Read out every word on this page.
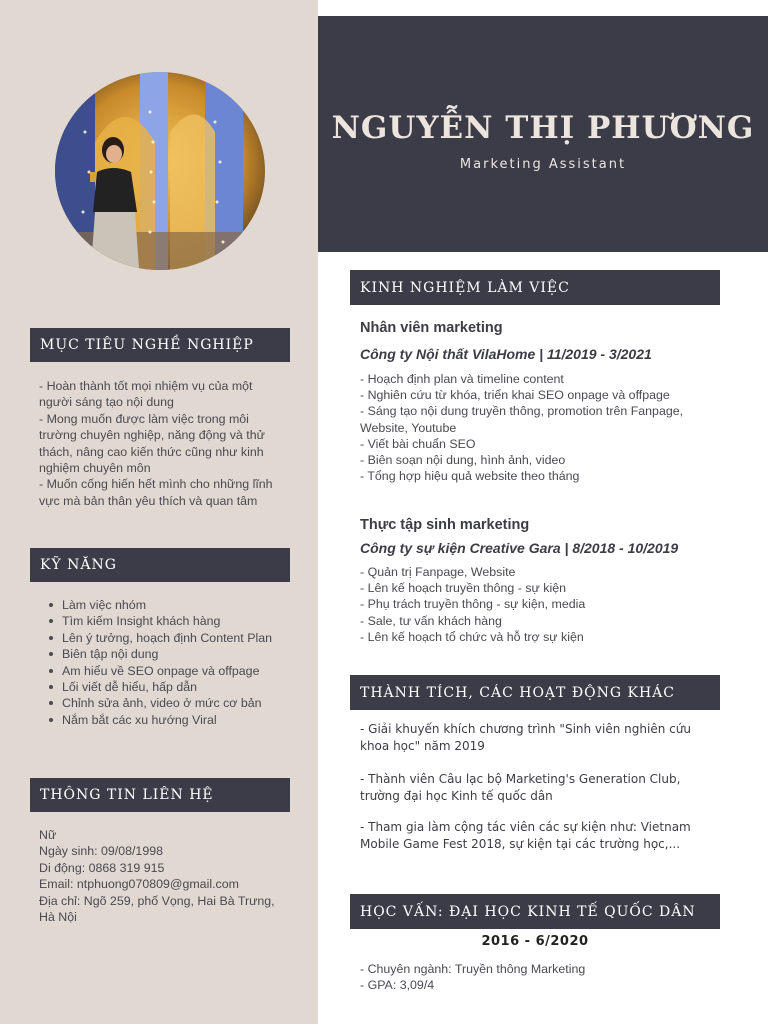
MỤC TIÊU NGHỀ NGHIỆP
- Hoàn thành tốt mọi nhiệm vụ của một người sáng tạo nội dung
- Mong muốn được làm việc trong môi trường chuyên nghiệp, năng động và thử thách, nâng cao kiến thức cũng như kinh nghiệm chuyên môn
- Muốn cống hiến hết mình cho những lĩnh vực mà bản thân yêu thích và quan tâm
KỸ NĂNG
Làm việc nhóm
Tìm kiếm Insight khách hàng
Lên ý tưởng, hoạch định Content Plan
Biên tập nội dung
Am hiểu về SEO onpage và offpage
Lối viết dễ hiểu, hấp dẫn
Chỉnh sửa ảnh, video ở mức cơ bản
Nắm bắt các xu hướng Viral
THÔNG TIN LIÊN HỆ
Nữ
Ngày sinh: 09/08/1998
Di động: 0868 319 915
Email: ntphuong070809@gmail.com
Địa chỉ: Ngõ 259, phố Vọng, Hai Bà Trưng, Hà Nội
NGUYỄN THỊ PHƯƠNG
Marketing Assistant
KINH NGHIỆM LÀM VIỆC
Nhân viên marketing
Công ty Nội thất VilaHome | 11/2019 - 3/2021
- Hoạch định plan và timeline content
- Nghiên cứu từ khóa, triển khai SEO onpage và offpage
- Sáng tạo nội dung truyền thông, promotion trên Fanpage, Website, Youtube
- Viết bài chuẩn SEO
- Biên soạn nội dung, hình ảnh, video
- Tổng hợp hiệu quả website theo tháng
Thực tập sinh marketing
Công ty sự kiện Creative Gara | 8/2018 - 10/2019
- Quản trị Fanpage, Website
- Lên kế hoạch truyền thông - sự kiện
- Phụ trách truyền thông - sự kiện, media
- Sale, tư vấn khách hàng
- Lên kế hoạch tổ chức và hỗ trợ sự kiện
THÀNH TÍCH, CÁC HOẠT ĐỘNG KHÁC
- Giải khuyến khích chương trình "Sinh viên nghiên cứu khoa học" năm 2019
- Thành viên Câu lạc bộ Marketing's Generation Club, trường đại học Kinh tế quốc dân
- Tham gia làm cộng tác viên các sự kiện như: Vietnam Mobile Game Fest 2018, sự kiện tại các trường học,...
HỌC VẤN: ĐẠI HỌC KINH TẾ QUỐC DÂN
2016 - 6/2020
- Chuyên ngành: Truyền thông Marketing
- GPA: 3,09/4
